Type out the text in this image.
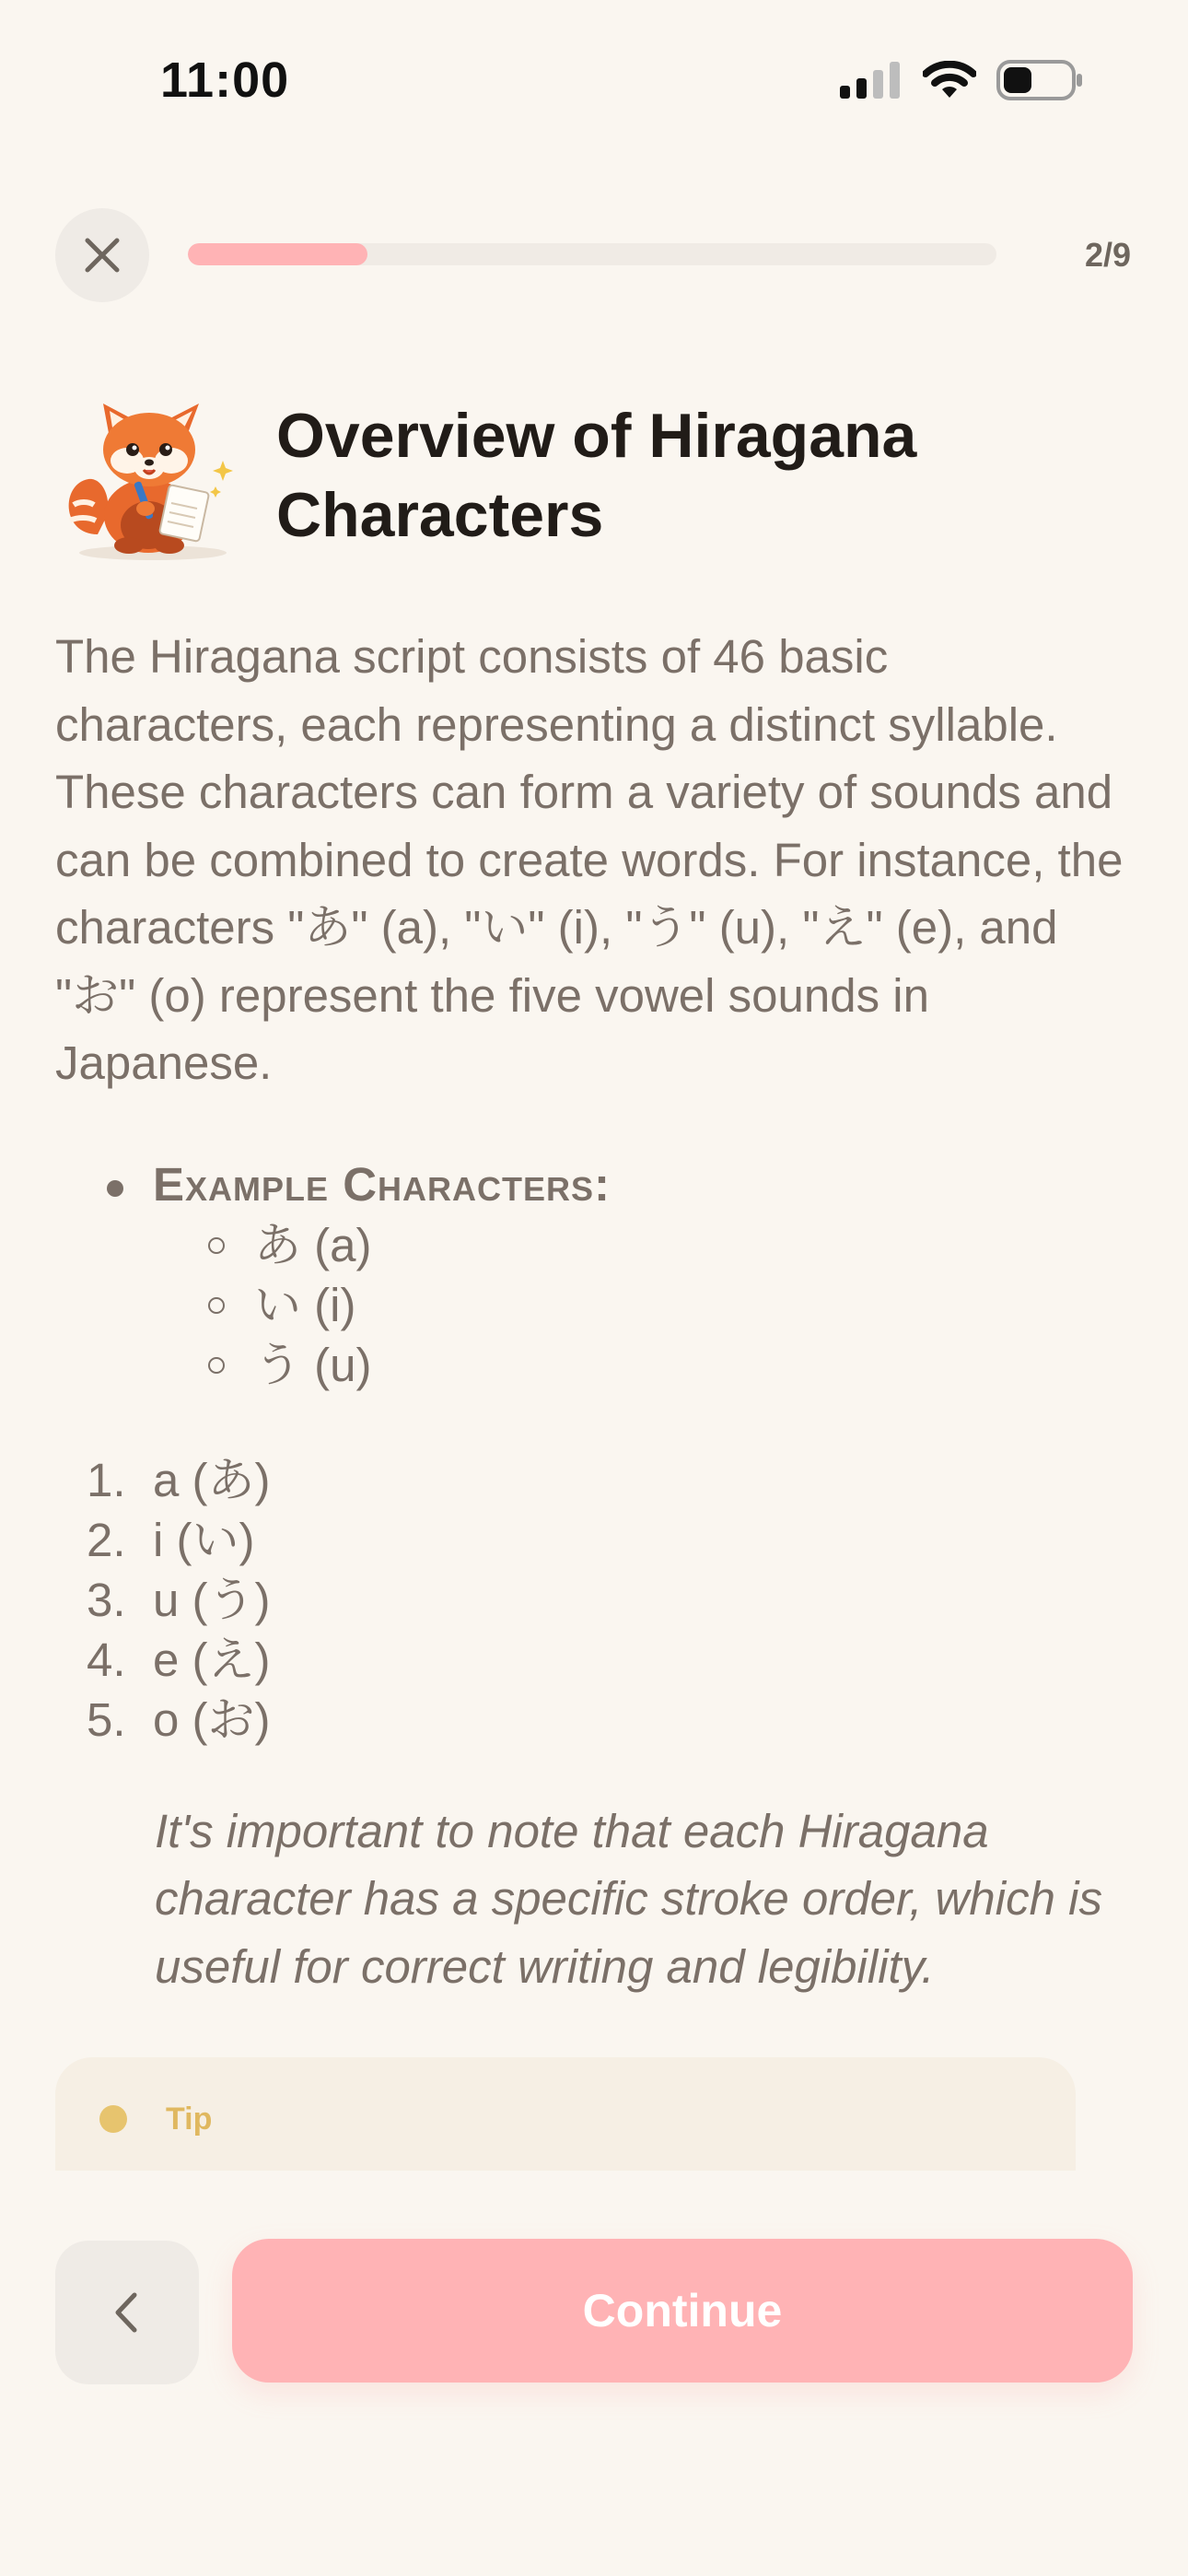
11:00
2/9
Overview of Hiragana Characters

The Hiragana script consists of 46 basic characters, each representing a distinct syllable. These characters can form a variety of sounds and can be combined to create words. For instance, the characters "あ" (a), "い" (i), "う" (u), "え" (e), and "お" (o) represent the five vowel sounds in Japanese.

Example Characters:
あ (a)
い (i)
う (u)
1. a (あ)
2. i (い)
3. u (う)
4. e (え)
5. o (お)

It's important to note that each Hiragana character has a specific stroke order, which is useful for correct writing and legibility.

Tip
Continue
